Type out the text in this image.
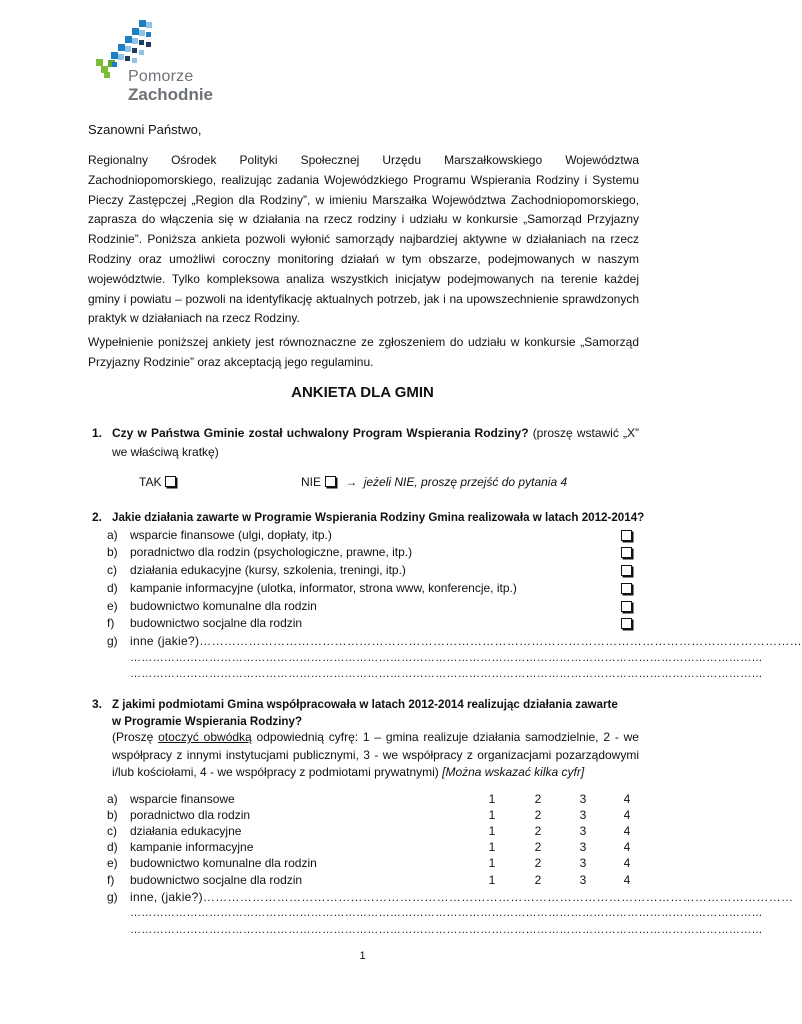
Pomorze
Zachodnie
Szanowni Państwo,
Regionalny Ośrodek Polityki Społecznej Urzędu Marszałkowskiego Województwa Zachodniopomorskiego, realizując zadania Wojewódzkiego Programu Wspierania Rodziny i Systemu Pieczy Zastępczej „Region dla Rodziny”, w imieniu Marszałka Województwa Zachodniopomorskiego, zaprasza do włączenia się w działania na rzecz rodziny i udziału w konkursie „Samorząd Przyjazny Rodzinie”. Poniższa ankieta pozwoli wyłonić samorządy najbardziej aktywne w działaniach na rzecz Rodziny oraz umożliwi coroczny monitoring działań w tym obszarze, podejmowanych w naszym województwie. Tylko kompleksowa analiza wszystkich inicjatyw podejmowanych na terenie każdej gminy i powiatu – pozwoli na identyfikację aktualnych potrzeb, jak i na upowszechnienie sprawdzonych praktyk w działaniach na rzecz Rodziny.
Wypełnienie poniższej ankiety jest równoznaczne ze zgłoszeniem do udziału w konkursie „Samorząd Przyjazny Rodzinie” oraz akceptacją jego regulaminu.
ANKIETA DLA GMIN
1. Czy w Państwa Gminie został uchwalony Program Wspierania Rodziny? (proszę wstawić „X” we właściwą kratkę)
TAK	NIE → jeżeli NIE, proszę przejść do pytania 4
2. Jakie działania zawarte w Programie Wspierania Rodziny Gmina realizowała w latach 2012-2014?
a) wsparcie finansowe (ulgi, dopłaty, itp.)
b) poradnictwo dla rodzin (psychologiczne, prawne, itp.)
c) działania edukacyjne (kursy, szkolenia, treningi, itp.)
d) kampanie informacyjne (ulotka, informator, strona www, konferencje, itp.)
e) budownictwo komunalne dla rodzin
f) budownictwo socjalne dla rodzin
g) inne (jakie?)…………………………………………………………………………………………………………………………………
……………………………………………………………………………………………………………………………………………………
……………………………………………………………………………………………………………………………………………………
3. Z jakimi podmiotami Gmina współpracowała w latach 2012-2014 realizując działania zawarte
w Programie Wspierania Rodziny?
(Proszę otoczyć obwódką odpowiednią cyfrę: 1 – gmina realizuje działania samodzielnie, 2 - we współpracy z innymi instytucjami publicznymi, 3 - we współpracy z organizacjami pozarządowymi i/lub kościołami, 4 - we współpracy z podmiotami prywatnymi) [Można wskazać kilka cyfr]
a) wsparcie finansowe	1	2	3	4
b) poradnictwo dla rodzin	1	2	3	4
c) działania edukacyjne	1	2	3	4
d) kampanie informacyjne	1	2	3	4
e) budownictwo komunalne dla rodzin	1	2	3	4
f) budownictwo socjalne dla rodzin	1	2	3	4
g) inne, (jakie?)………………………………………………………………………………………………………………………………
……………………………………………………………………………………………………………………………………………………
……………………………………………………………………………………………………………………………………………………
1
